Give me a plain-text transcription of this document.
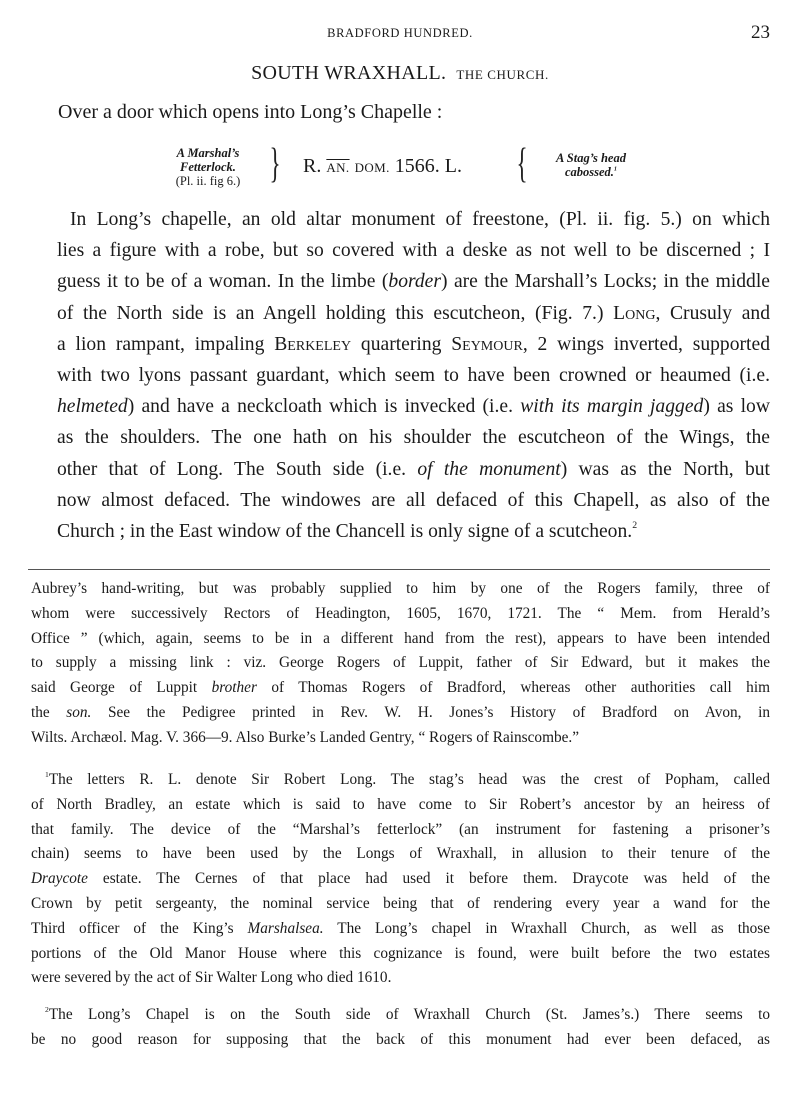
BRADFORD HUNDRED.	23
SOUTH WRAXHALL. THE CHURCH.
Over a door which opens into Long’s Chapelle :
A Marshal’s
Fetterlock.
(Pl. ii. fig 6.) } R. AN. DOM. 1566. L. {	A Stag’s head
cabossed.$^1$
In Long’s chapelle, an old altar monument of freestone, (Pl. ii. fig. 5.) on which
lies a figure with a robe, but so covered with a deske as not well to be discerned ; I
guess it to be of a woman. In the limbe (border) are the Marshall’s Locks; in the middle
of the North side is an Angell holding this escutcheon, (Fig. 7.) Long, Crusuly and
a lion rampant, impaling Berkeley quartering Seymour, 2 wings inverted, supported
with two lyons passant guardant, which seem to have been crowned or heaumed (i.e.
helmeted) and have a neckcloath which is invecked (i.e. with its margin jagged) as low
as the shoulders. The one hath on his shoulder the escutcheon of the Wings, the
other that of Long. The South side (i.e. of the monument) was as the North, but
now almost defaced. The windowes are all defaced of this Chapell, as also of the
Church ; in the East window of the Chancell is only signe of a scutcheon.$^2$
Aubrey’s hand-writing, but was probably supplied to him by one of the Rogers family, three of
whom were successively Rectors of Headington, 1605, 1670, 1721. The “ Mem. from Herald’s
Office ” (which, again, seems to be in a different hand from the rest), appears to have been intended
to supply a missing link : viz. George Rogers of Luppit, father of Sir Edward, but it makes the
said George of Luppit brother of Thomas Rogers of Bradford, whereas other authorities call him
the son. See the Pedigree printed in Rev. W. H. Jones’s History of Bradford on Avon, in
Wilts. Archæol. Mag. V. 366—9. Also Burke’s Landed Gentry, “ Rogers of Rainscombe.”
$^1$The letters R. L. denote Sir Robert Long. The stag’s head was the crest of Popham, called
of North Bradley, an estate which is said to have come to Sir Robert’s ancestor by an heiress of
that family. The device of the “Marshal’s fetterlock” (an instrument for fastening a prisoner’s
chain) seems to have been used by the Longs of Wraxhall, in allusion to their tenure of the
Draycote estate. The Cernes of that place had used it before them. Draycote was held of the
Crown by petit sergeanty, the nominal service being that of rendering every year a wand for the
Third officer of the King’s Marshalsea. The Long’s chapel in Wraxhall Church, as well as those
portions of the Old Manor House where this cognizance is found, were built before the two estates
were severed by the act of Sir Walter Long who died 1610.
$^2$The Long’s Chapel is on the South side of Wraxhall Church (St. James’s.) There seems to
be no good reason for supposing that the back of this monument had ever been defaced, as
